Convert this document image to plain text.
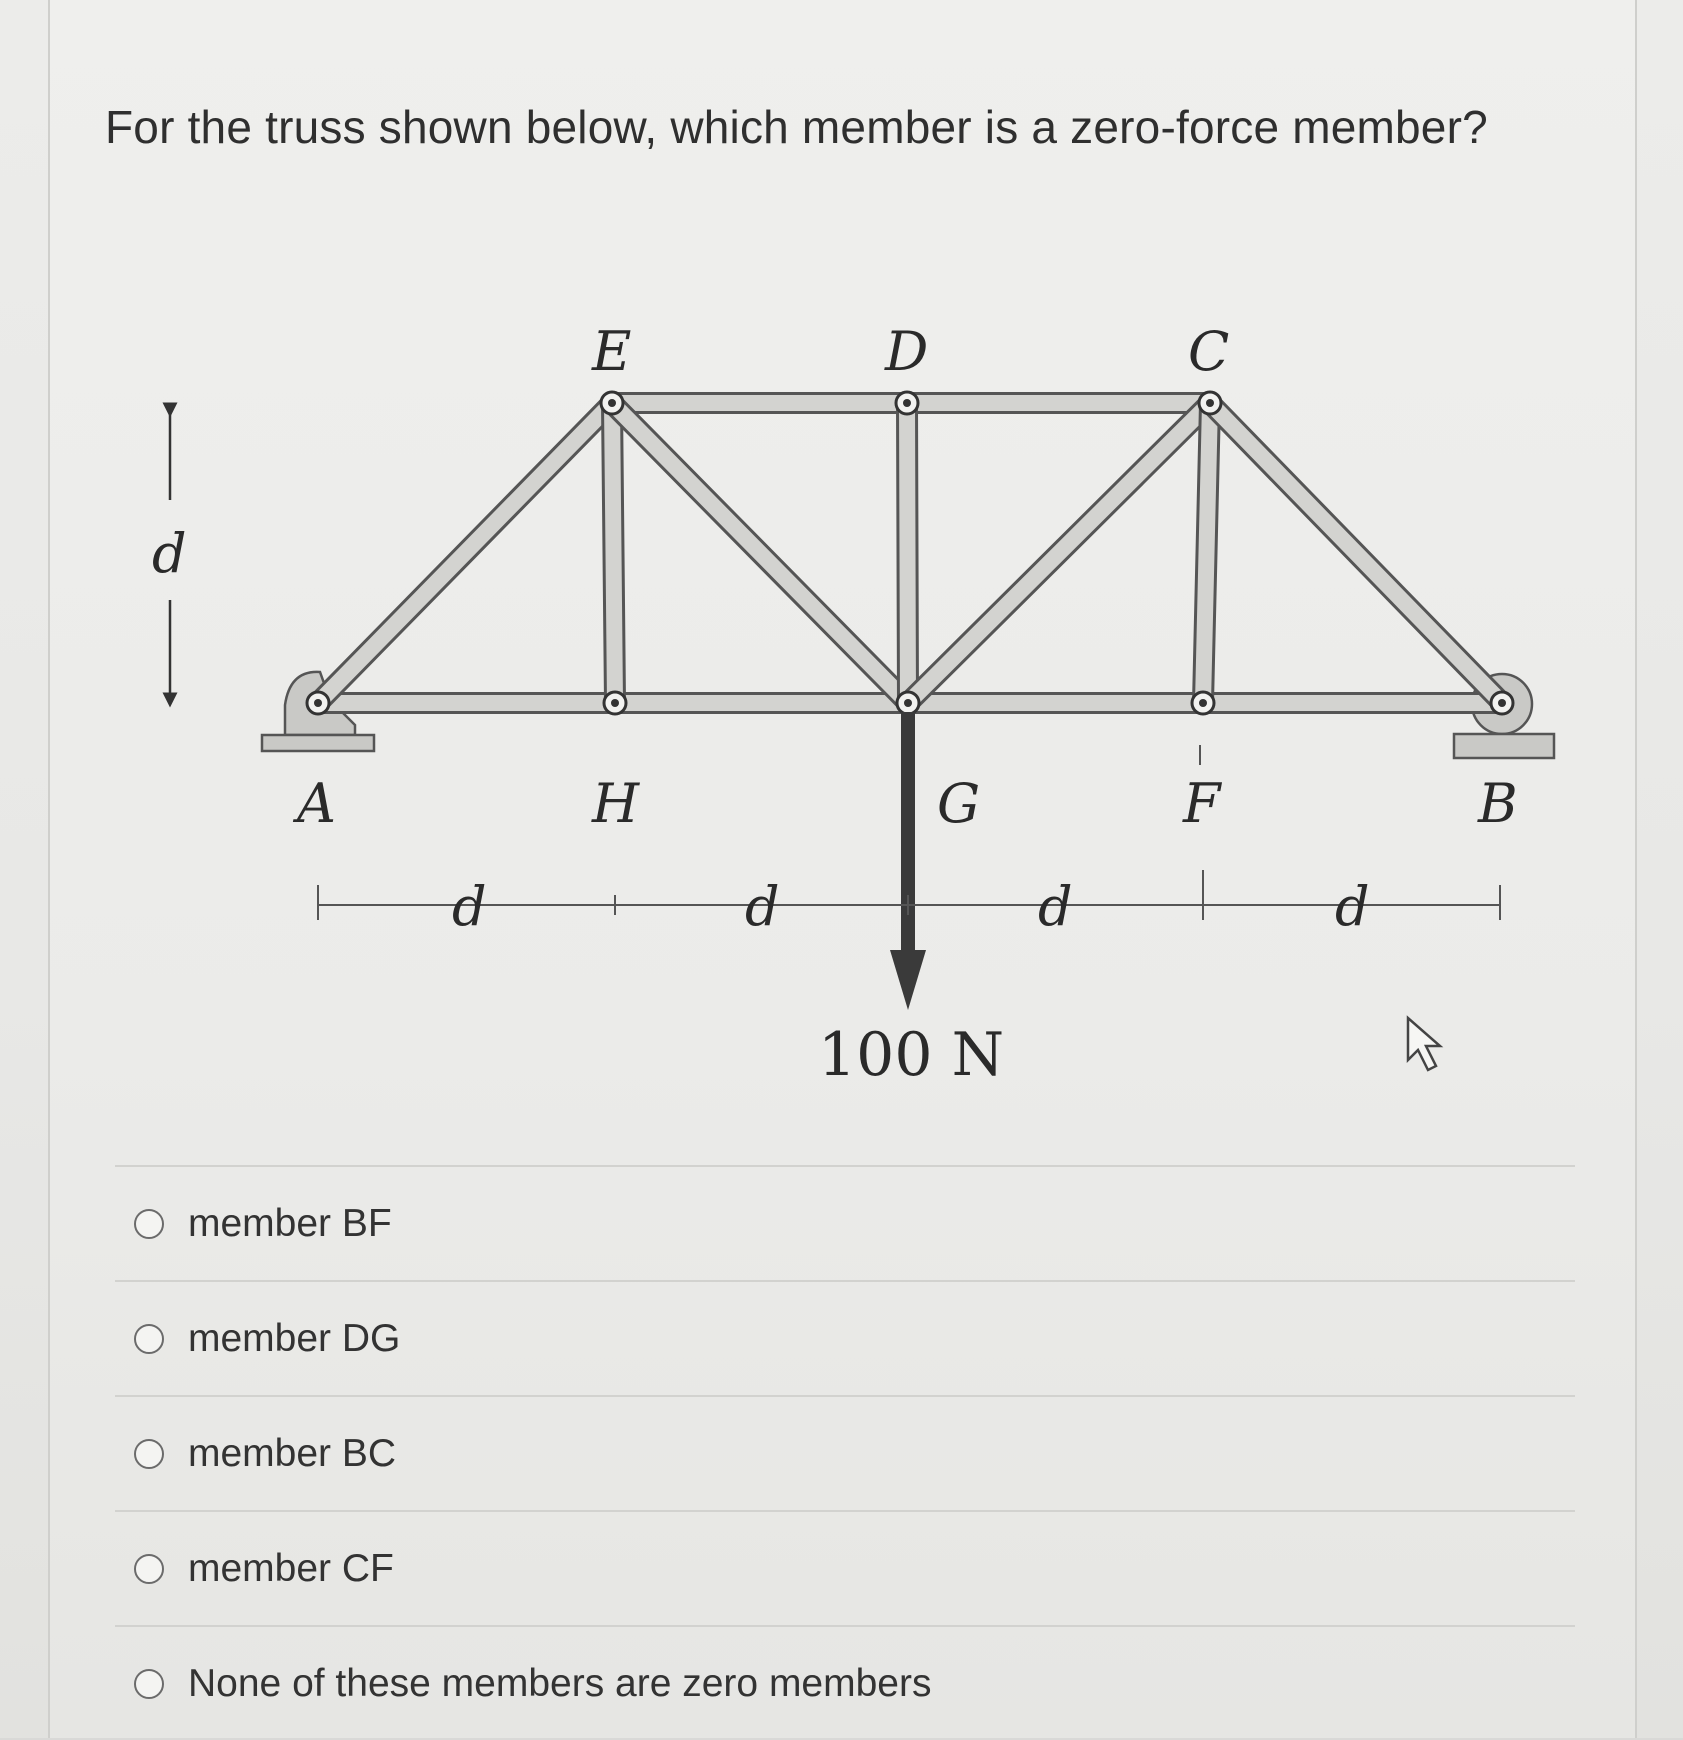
For the truss shown below, which member is a zero-force member?
E	D	C
A	H	G	F	B
d
d	d	d	d
100 N
member BF
member DG
member BC
member CF
None of these members are zero members
